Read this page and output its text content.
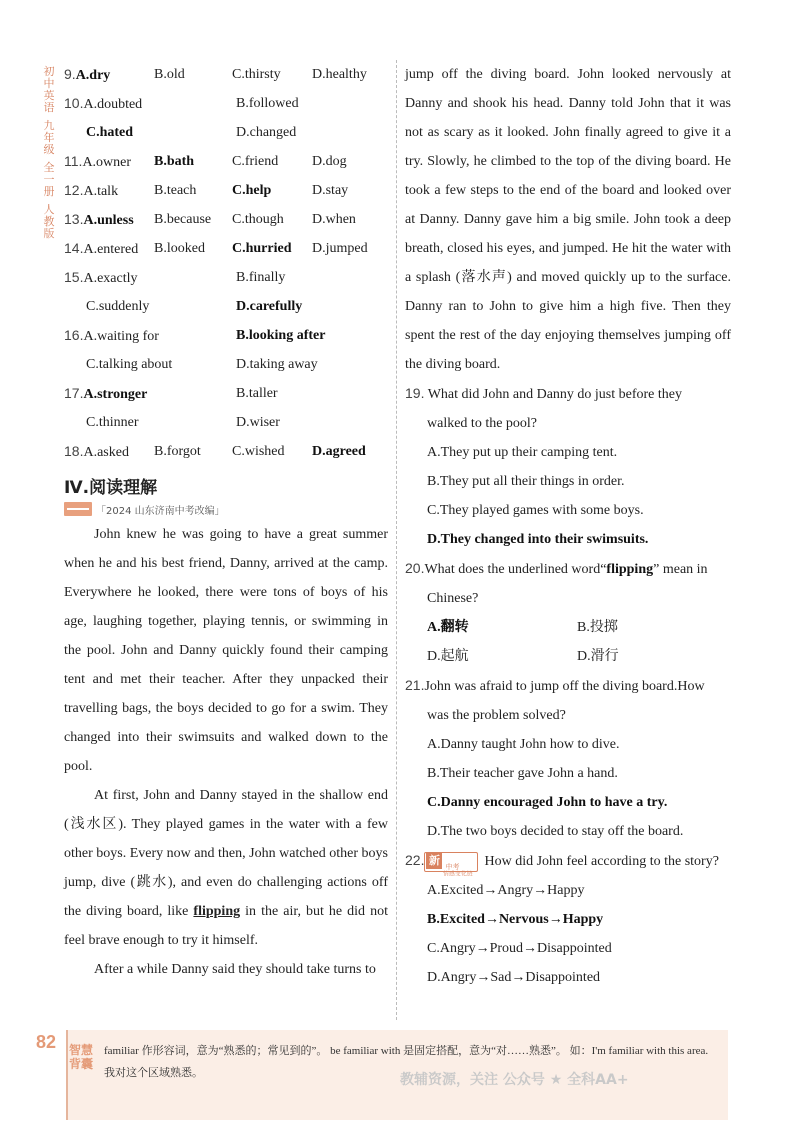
初中英语
九年级
全一册
人教版
9.A.dry	B.old	C.thirsty	D.healthy
10.A.doubted	B.followed
C.hated	D.changed
11.A.owner	B.bath	C.friend	D.dog
12.A.talk	B.teach	C.help	D.stay
13.A.unless	B.because	C.though	D.when
14.A.entered	B.looked	C.hurried	D.jumped
15.A.exactly	B.finally
C.suddenly	D.carefully
16.A.waiting for	B.looking after
C.talking about	D.taking away
17.A.stronger	B.taller
C.thinner	D.wiser
18.A.asked	B.forgot	C.wished	D.agreed
Ⅳ.阅读理解
「2024 山东济南中考改编」

John knew he was going to have a great summer when he and his best friend, Danny, arrived at the camp. Everywhere he looked, there were tons of boys of his age, laughing together, playing tennis, or swimming in the pool. John and Danny quickly found their camping tent and met their teacher. After they unpacked their travelling bags, the boys decided to go for a swim. They changed into their swimsuits and walked down to the pool.

At first, John and Danny stayed in the shallow end (浅水区). They played games in the water with a few other boys. Every now and then, John watched other boys jump, dive (跳水), and even do challenging actions off the diving board, like flipping in the air, but he did not feel brave enough to try it himself.

After a while Danny said they should take turns to

jump off the diving board. John looked nervously at Danny and shook his head. Danny told John that it was not as scary as it looked. John finally agreed to give it a try. Slowly, he climbed to the top of the diving board. He took a few steps to the end of the board and looked over at Danny. Danny gave him a big smile. John took a deep breath, closed his eyes, and jumped. He hit the water with a splash (落水声) and moved quickly up to the surface. Danny ran to John to give him a high five. Then they spent the rest of the day enjoying themselves jumping off the diving board.

19. What did John and Danny do just before they
walked to the pool?
A.They put up their camping tent.
B.They put all their things in order.
C.They played games with some boys.
D.They changed into their swimsuits.
20.What does the underlined word“flipping” mean in
Chinese?
A.翻转	B.投掷
D.起航	D.滑行
21.John was afraid to jump off the diving board.How
was the problem solved?
A.Danny taught John how to dive.
B.Their teacher gave John a hand.
C.Danny encouraged John to have a try.
D.The two boys decided to stay off the board.
22. 新 中考
情感变化链
How did John feel according to the story?
A.Excited→Angry→Happy
B.Excited→Nervous→Happy
C.Angry→Proud→Disappointed
D.Angry→Sad→Disappointed
82 智慧背囊
familiar 作形容词，意为“熟悉的；常见到的”。 be familiar with 是固定搭配，意为“对……熟悉”。 如：I'm familiar with this area.我对这个区域熟悉。	教辅资源，关注 公众号 ★ 全科AA+
